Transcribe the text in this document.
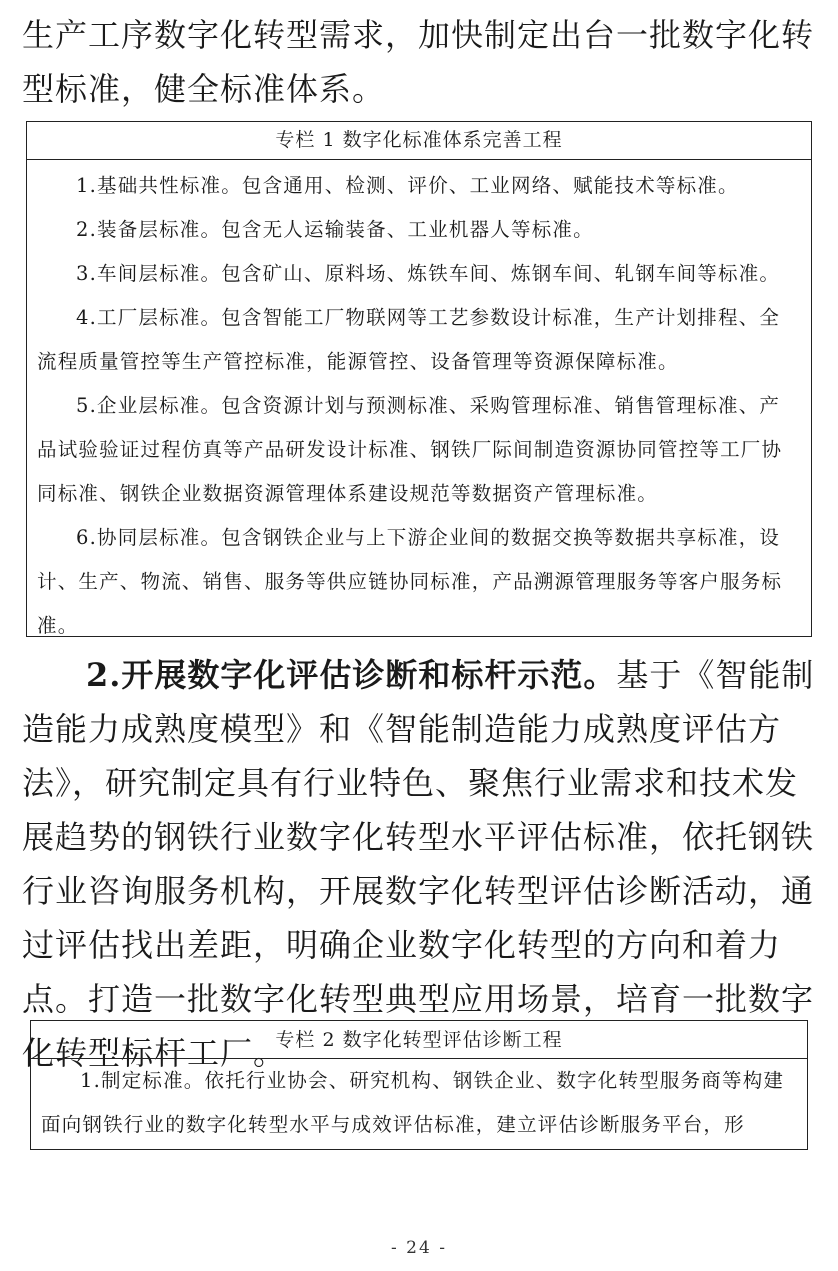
生产工序数字化转型需求，加快制定出台一批数字化转型标准，健全标准体系。

专栏 1 数字化标准体系完善工程
1.基础共性标准。包含通用、检测、评价、工业网络、赋能技术等标准。
2.装备层标准。包含无人运输装备、工业机器人等标准。
3.车间层标准。包含矿山、原料场、炼铁车间、炼钢车间、轧钢车间等标准。
4.工厂层标准。包含智能工厂物联网等工艺参数设计标准，生产计划排程、全流程质量管控等生产管控标准，能源管控、设备管理等资源保障标准。
5.企业层标准。包含资源计划与预测标准、采购管理标准、销售管理标准、产品试验验证过程仿真等产品研发设计标准、钢铁厂际间制造资源协同管控等工厂协同标准、钢铁企业数据资源管理体系建设规范等数据资产管理标准。
6.协同层标准。包含钢铁企业与上下游企业间的数据交换等数据共享标准，设计、生产、物流、销售、服务等供应链协同标准，产品溯源管理服务等客户服务标准。

2.开展数字化评估诊断和标杆示范。基于《智能制造能力成熟度模型》和《智能制造能力成熟度评估方法》，研究制定具有行业特色、聚焦行业需求和技术发展趋势的钢铁行业数字化转型水平评估标准，依托钢铁行业咨询服务机构，开展数字化转型评估诊断活动，通过评估找出差距，明确企业数字化转型的方向和着力点。打造一批数字化转型典型应用场景，培育一批数字化转型标杆工厂。

专栏 2 数字化转型评估诊断工程
1.制定标准。依托行业协会、研究机构、钢铁企业、数字化转型服务商等构建面向钢铁行业的数字化转型水平与成效评估标准，建立评估诊断服务平台，形
- 24 -
